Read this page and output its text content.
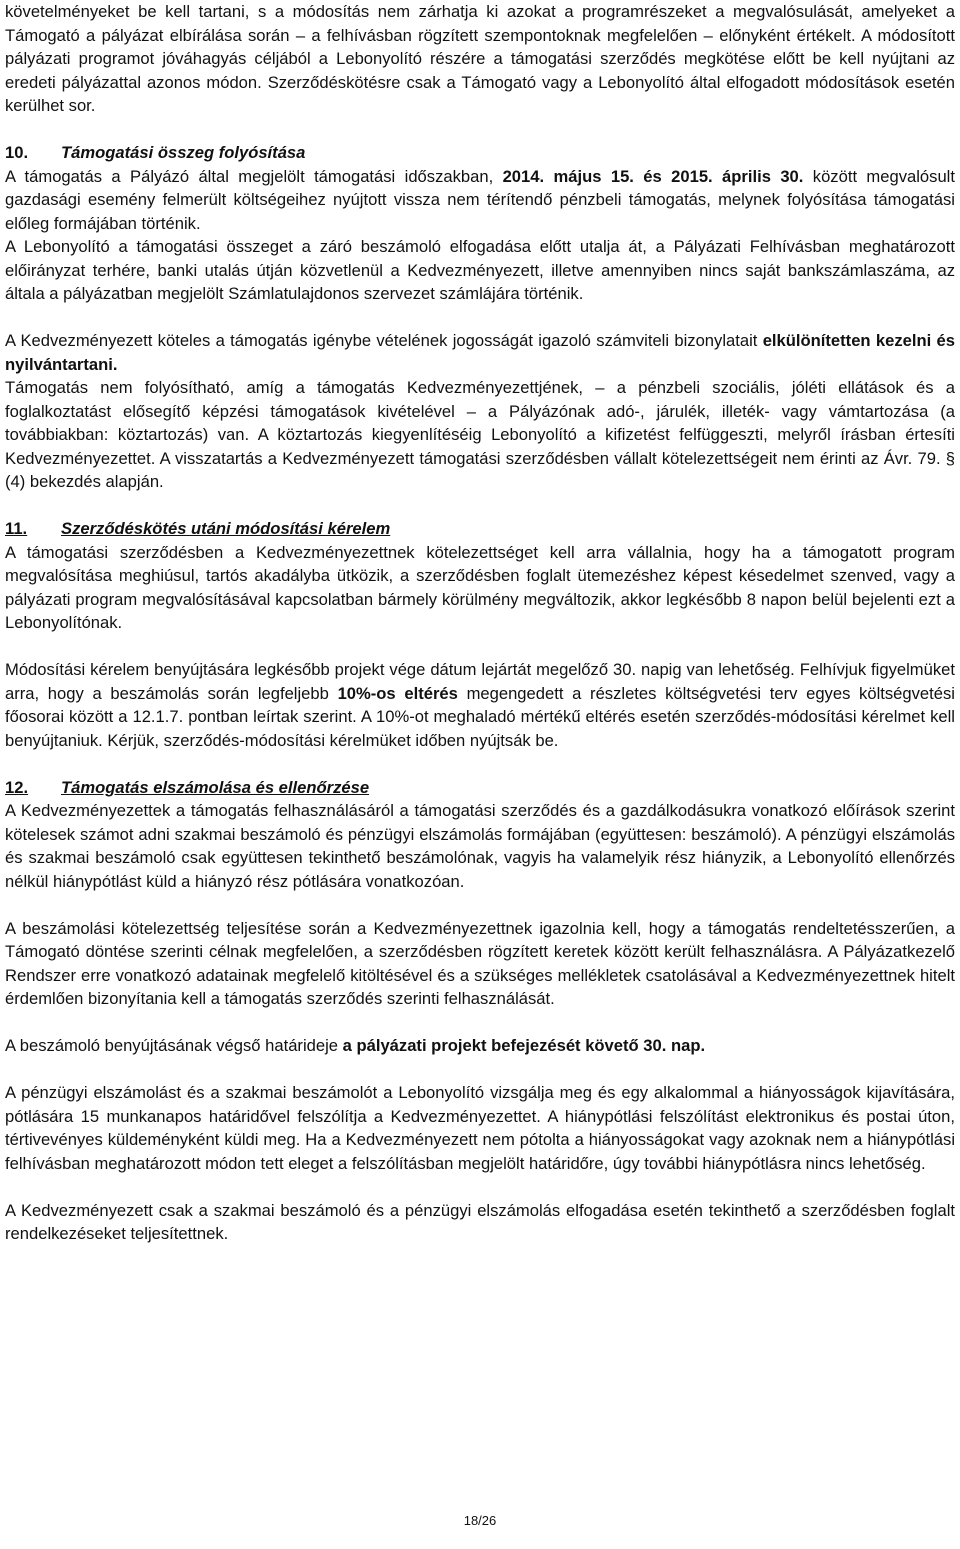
követelményeket be kell tartani, s a módosítás nem zárhatja ki azokat a programrészeket a megvalósulását, amelyeket a Támogató a pályázat elbírálása során – a felhívásban rögzített szempontoknak megfelelően – előnyként értékelt. A módosított pályázati programot jóváhagyás céljából a Lebonyolító részére a támogatási szerződés megkötése előtt be kell nyújtani az eredeti pályázattal azonos módon. Szerződéskötésre csak a Támogató vagy a Lebonyolító által elfogadott módosítások esetén kerülhet sor.

10. Támogatási összeg folyósítása

A támogatás a Pályázó által megjelölt támogatási időszakban, 2014. május 15. és 2015. április 30. között megvalósult gazdasági esemény felmerült költségeihez nyújtott vissza nem térítendő pénzbeli támogatás, melynek folyósítása támogatási előleg formájában történik.

A Lebonyolító a támogatási összeget a záró beszámoló elfogadása előtt utalja át, a Pályázati Felhívásban meghatározott előirányzat terhére, banki utalás útján közvetlenül a Kedvezményezett, illetve amennyiben nincs saját bankszámlaszáma, az általa a pályázatban megjelölt Számlatulajdonos szervezet számlájára történik.

A Kedvezményezett köteles a támogatás igénybe vételének jogosságát igazoló számviteli bizonylatait elkülönítetten kezelni és nyilvántartani.

Támogatás nem folyósítható, amíg a támogatás Kedvezményezettjének, – a pénzbeli szociális, jóléti ellátások és a foglalkoztatást elősegítő képzési támogatások kivételével – a Pályázónak adó-, járulék, illeték- vagy vámtartozása (a továbbiakban: köztartozás) van. A köztartozás kiegyenlítéséig Lebonyolító a kifizetést felfüggeszti, melyről írásban értesíti Kedvezményezettet. A visszatartás a Kedvezményezett támogatási szerződésben vállalt kötelezettségeit nem érinti az Ávr. 79. § (4) bekezdés alapján.

11. Szerződéskötés utáni módosítási kérelem

A támogatási szerződésben a Kedvezményezettnek kötelezettséget kell arra vállalnia, hogy ha a támogatott program megvalósítása meghiúsul, tartós akadályba ütközik, a szerződésben foglalt ütemezéshez képest késedelmet szenved, vagy a pályázati program megvalósításával kapcsolatban bármely körülmény megváltozik, akkor legkésőbb 8 napon belül bejelenti ezt a Lebonyolítónak.

Módosítási kérelem benyújtására legkésőbb projekt vége dátum lejártát megelőző 30. napig van lehetőség. Felhívjuk figyelmüket arra, hogy a beszámolás során legfeljebb 10%-os eltérés megengedett a részletes költségvetési terv egyes költségvetési főosorai között a 12.1.7. pontban leírtak szerint. A 10%-ot meghaladó mértékű eltérés esetén szerződés-módosítási kérelmet kell benyújtaniuk. Kérjük, szerződés-módosítási kérelmüket időben nyújtsák be.

12. Támogatás elszámolása és ellenőrzése

A Kedvezményezettek a támogatás felhasználásáról a támogatási szerződés és a gazdálkodásukra vonatkozó előírások szerint kötelesek számot adni szakmai beszámoló és pénzügyi elszámolás formájában (együttesen: beszámoló). A pénzügyi elszámolás és szakmai beszámoló csak együttesen tekinthető beszámolónak, vagyis ha valamelyik rész hiányzik, a Lebonyolító ellenőrzés nélkül hiánypótlást küld a hiányzó rész pótlására vonatkozóan.

A beszámolási kötelezettség teljesítése során a Kedvezményezettnek igazolnia kell, hogy a támogatás rendeltetésszerűen, a Támogató döntése szerinti célnak megfelelően, a szerződésben rögzített keretek között került felhasználásra. A Pályázatkezelő Rendszer erre vonatkozó adatainak megfelelő kitöltésével és a szükséges mellékletek csatolásával a Kedvezményezettnek hitelt érdemlően bizonyítania kell a támogatás szerződés szerinti felhasználását.

A beszámoló benyújtásának végső határideje a pályázati projekt befejezését követő 30. nap.

A pénzügyi elszámolást és a szakmai beszámolót a Lebonyolító vizsgálja meg és egy alkalommal a hiányosságok kijavítására, pótlására 15 munkanapos határidővel felszólítja a Kedvezményezettet. A hiánypótlási felszólítást elektronikus és postai úton, tértivevényes küldeményként küldi meg. Ha a Kedvezményezett nem pótolta a hiányosságokat vagy azoknak nem a hiánypótlási felhívásban meghatározott módon tett eleget a felszólításban megjelölt határidőre, úgy további hiánypótlásra nincs lehetőség.

A Kedvezményezett csak a szakmai beszámoló és a pénzügyi elszámolás elfogadása esetén tekinthető a szerződésben foglalt rendelkezéseket teljesítettnek.

18/26
